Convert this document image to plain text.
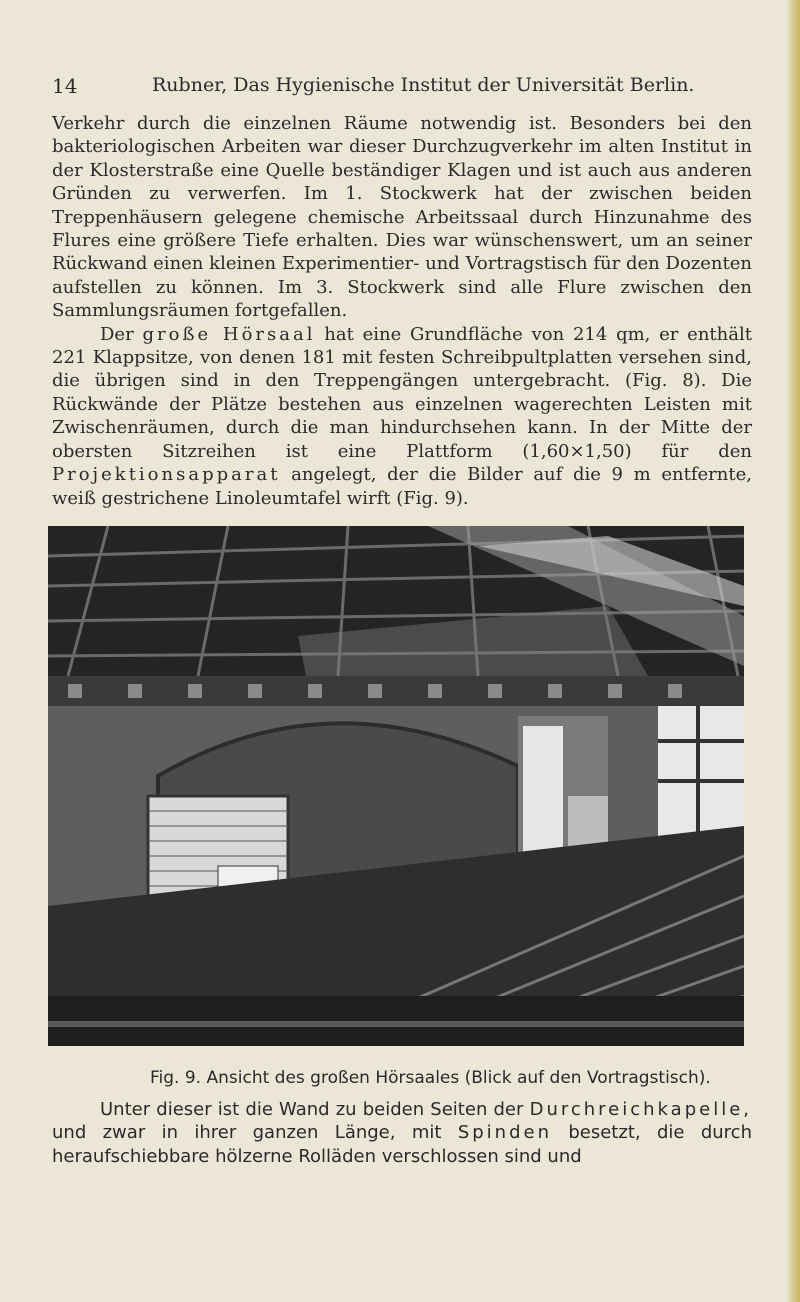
14	Rubner, Das Hygienische Institut der Universität Berlin.

Verkehr durch die einzelnen Räume notwendig ist. Besonders bei den bakteriologischen Arbeiten war dieser Durchzugverkehr im alten Institut in der Klosterstraße eine Quelle beständiger Klagen und ist auch aus anderen Gründen zu verwerfen. Im 1. Stockwerk hat der zwischen beiden Treppenhäusern gelegene chemische Arbeitssaal durch Hinzunahme des Flures eine größere Tiefe erhalten. Dies war wünschenswert, um an seiner Rückwand einen kleinen Experimentier- und Vortragstisch für den Dozenten aufstellen zu können. Im 3. Stockwerk sind alle Flure zwischen den Sammlungsräumen fortgefallen.

Der große Hörsaal hat eine Grundfläche von 214 qm, er enthält 221 Klappsitze, von denen 181 mit festen Schreibpultplatten versehen sind, die übrigen sind in den Treppengängen untergebracht. (Fig. 8). Die Rückwände der Plätze bestehen aus einzelnen wagerechten Leisten mit Zwischenräumen, durch die man hindurchsehen kann. In der Mitte der obersten Sitzreihen ist eine Plattform (1,60×1,50) für den Projektionsapparat angelegt, der die Bilder auf die 9 m entfernte, weiß gestrichene Linoleumtafel wirft (Fig. 9).

Fig. 9. Ansicht des großen Hörsaales (Blick auf den Vortragstisch).

Unter dieser ist die Wand zu beiden Seiten der Durchreichkapelle, und zwar in ihrer ganzen Länge, mit Spinden besetzt, die durch heraufschiebbare hölzerne Rolläden verschlossen sind und
